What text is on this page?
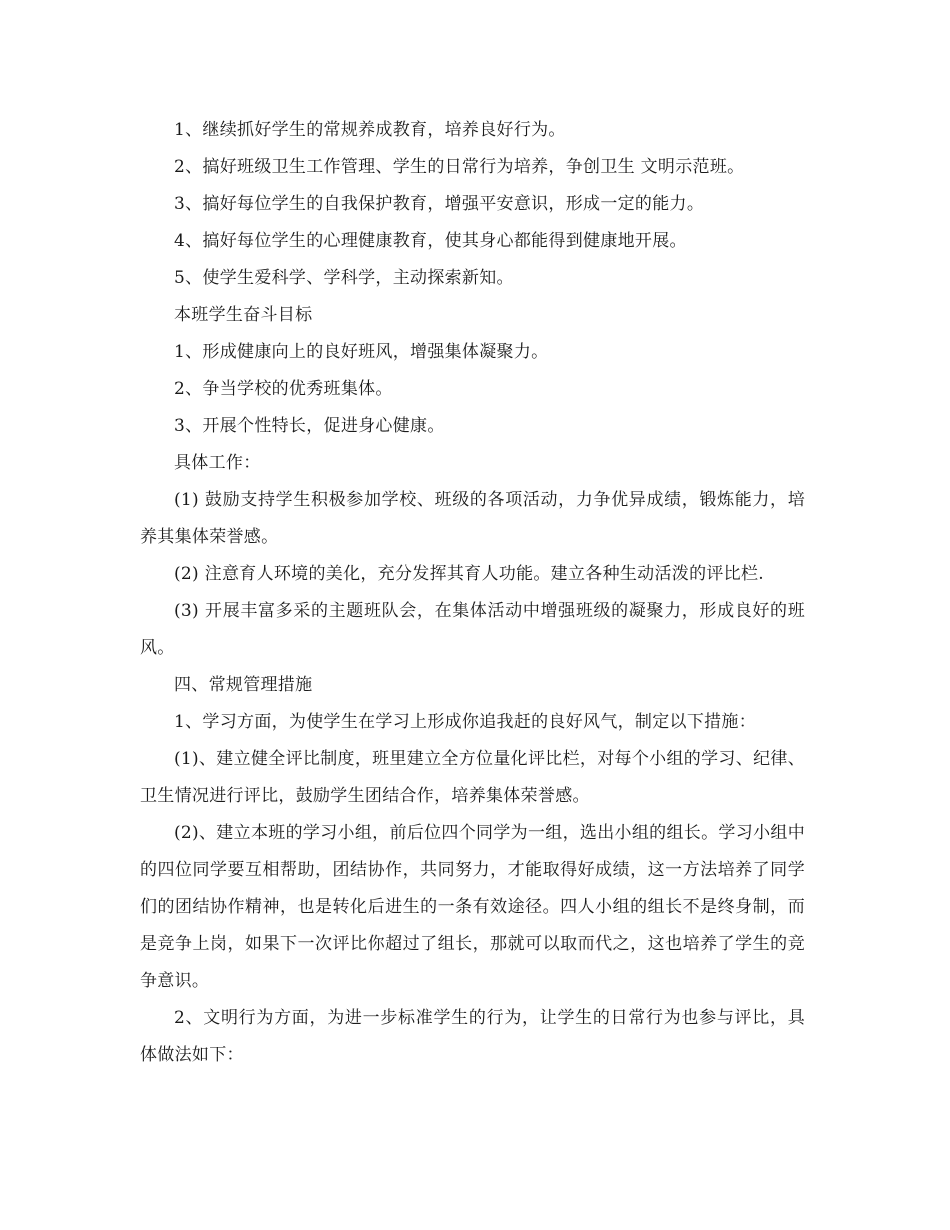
1、继续抓好学生的常规养成教育，培养良好行为。

2、搞好班级卫生工作管理、学生的日常行为培养，争创卫生 文明示范班。

3、搞好每位学生的自我保护教育，增强平安意识，形成一定的能力。

4、搞好每位学生的心理健康教育，使其身心都能得到健康地开展。

5、使学生爱科学、学科学，主动探索新知。

本班学生奋斗目标

1、形成健康向上的良好班风，增强集体凝聚力。

2、争当学校的优秀班集体。

3、开展个性特长，促进身心健康。

具体工作：

(1) 鼓励支持学生积极参加学校、班级的各项活动，力争优异成绩，锻炼能力，培养其集体荣誉感。

(2) 注意育人环境的美化，充分发挥其育人功能。建立各种生动活泼的评比栏.

(3) 开展丰富多采的主题班队会，在集体活动中增强班级的凝聚力，形成良好的班风。

四、常规管理措施

1、学习方面，为使学生在学习上形成你追我赶的良好风气，制定以下措施：

(1)、建立健全评比制度，班里建立全方位量化评比栏，对每个小组的学习、纪律、卫生情况进行评比，鼓励学生团结合作，培养集体荣誉感。

(2)、建立本班的学习小组，前后位四个同学为一组，选出小组的组长。学习小组中的四位同学要互相帮助，团结协作，共同努力，才能取得好成绩，这一方法培养了同学们的团结协作精神，也是转化后进生的一条有效途径。四人小组的组长不是终身制，而是竞争上岗，如果下一次评比你超过了组长，那就可以取而代之，这也培养了学生的竞争意识。

2、文明行为方面，为进一步标准学生的行为，让学生的日常行为也参与评比，具体做法如下：
